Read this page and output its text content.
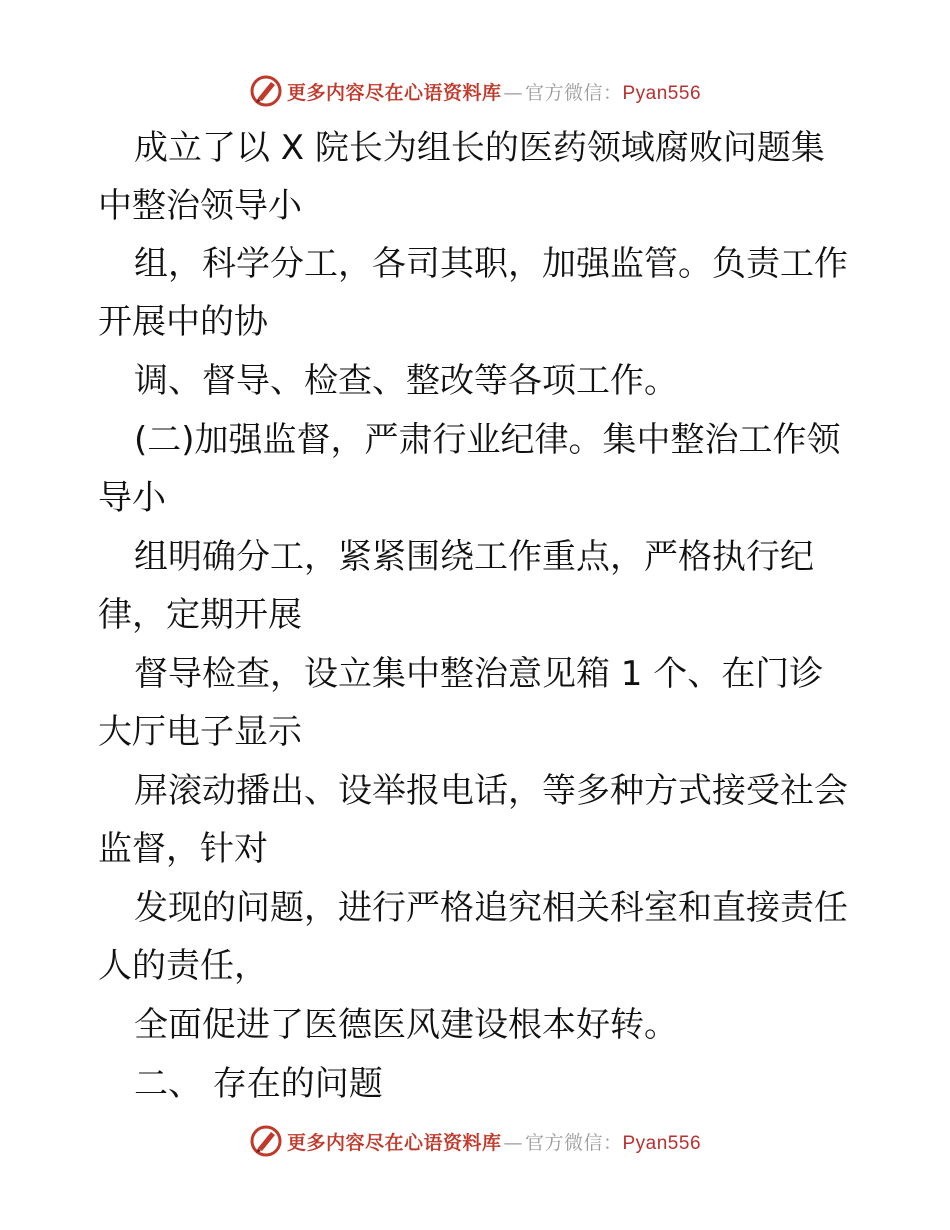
更多内容尽在心语资料库 — 官方微信：Pyan556

成立了以 X 院长为组长的医药领域腐败问题集

中整治领导小

组，科学分工，各司其职，加强监管。负责工作

开展中的协

调、督导、检查、整改等各项工作。

(二)加强监督，严肃行业纪律。集中整治工作领

导小

组明确分工，紧紧围绕工作重点，严格执行纪

律，定期开展

督导检查，设立集中整治意见箱 1 个、在门诊

大厅电子显示

屏滚动播出、设举报电话，等多种方式接受社会

监督，针对

发现的问题，进行严格追究相关科室和直接责任

人的责任，

全面促进了医德医风建设根本好转。

二、 存在的问题

更多内容尽在心语资料库 — 官方微信：Pyan556
